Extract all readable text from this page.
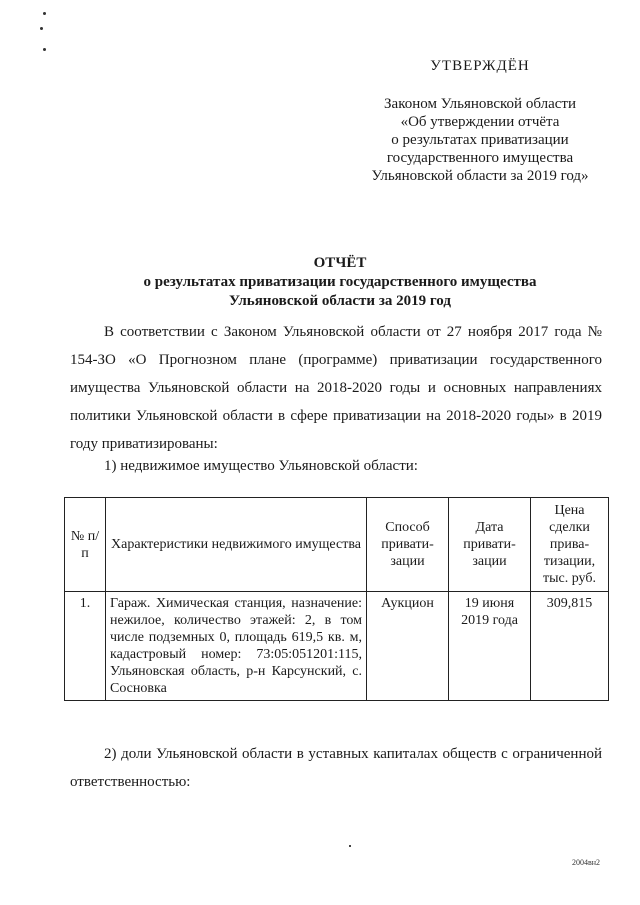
УТВЕРЖДЁН
Законом Ульяновской области
«Об утверждении отчёта
о результатах приватизации
государственного имущества
Ульяновской области за 2019 год»
ОТЧЁТ
о результатах приватизации государственного имущества
Ульяновской области за 2019 год
В соответствии с Законом Ульяновской области от 27 ноября 2017 года № 154-ЗО «О Прогнозном плане (программе) приватизации государственного имущества Ульяновской области на 2018-2020 годы и основных направлениях политики Ульяновской области в сфере приватизации на 2018-2020 годы» в 2019 году приватизированы:
1) недвижимое имущество Ульяновской области:
№ п/п	Характеристики недвижимого имущества	Способ привати-зации	Дата привати-зации	Цена сделки прива-тизации, тыс. руб.
1.	Гараж. Химическая станция, назначение: нежилое, количество этажей: 2, в том числе подземных 0, площадь 619,5 кв. м, кадастровый номер: 73:05:051201:115, Ульяновская область, р-н Карсунский, с. Сосновка	Аукцион	19 июня 2019 года	309,815
2) доли Ульяновской области в уставных капиталах обществ с ограниченной ответственностью:
2004вн2
